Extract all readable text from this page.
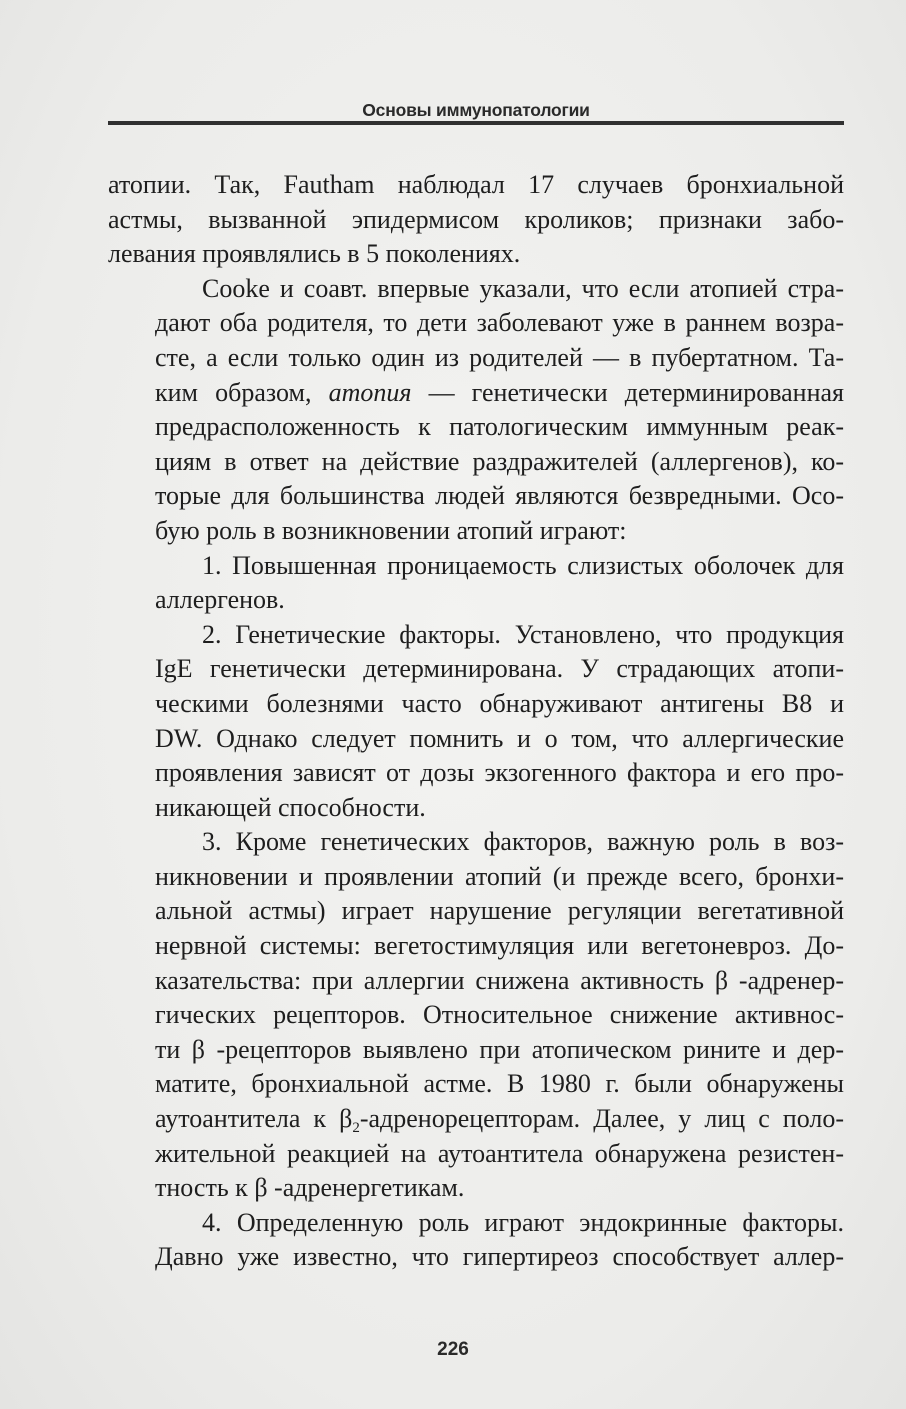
Основы иммунопатологии
атопии. Так, Fautham наблюдал 17 случаев бронхиальной
астмы, вызванной эпидермисом кроликов; признаки забо-
левания проявлялись в 5 поколениях.
Cooke и соавт. впервые указали, что если атопией стра-
дают оба родителя, то дети заболевают уже в раннем возра-
сте, а если только один из родителей — в пубертатном. Та-
ким образом, атопия — генетически детерминированная
предрасположенность к патологическим иммунным реак-
циям в ответ на действие раздражителей (аллергенов), ко-
торые для большинства людей являются безвредными. Осо-
бую роль в возникновении атопий играют:
1. Повышенная проницаемость слизистых оболочек для
аллергенов.
2. Генетические факторы. Установлено, что продукция
IgE генетически детерминирована. У страдающих атопи-
ческими болезнями часто обнаруживают антигены B8 и
DW. Однако следует помнить и о том, что аллергические
проявления зависят от дозы экзогенного фактора и его про-
никающей способности.
3. Кроме генетических факторов, важную роль в воз-
никновении и проявлении атопий (и прежде всего, бронхи-
альной астмы) играет нарушение регуляции вегетативной
нервной системы: вегетостимуляция или вегетоневроз. До-
казательства: при аллергии снижена активность β -адренер-
гических рецепторов. Относительное снижение активнос-
ти β -рецепторов выявлено при атопическом рините и дер-
матите, бронхиальной астме. В 1980 г. были обнаружены
аутоантитела к $\beta_2$-адренорецепторам. Далее, у лиц с поло-
жительной реакцией на аутоантитела обнаружена резистен-
тность к β -адренергетикам.
4. Определенную роль играют эндокринные факторы.
Давно уже известно, что гипертиреоз способствует аллер-
226
